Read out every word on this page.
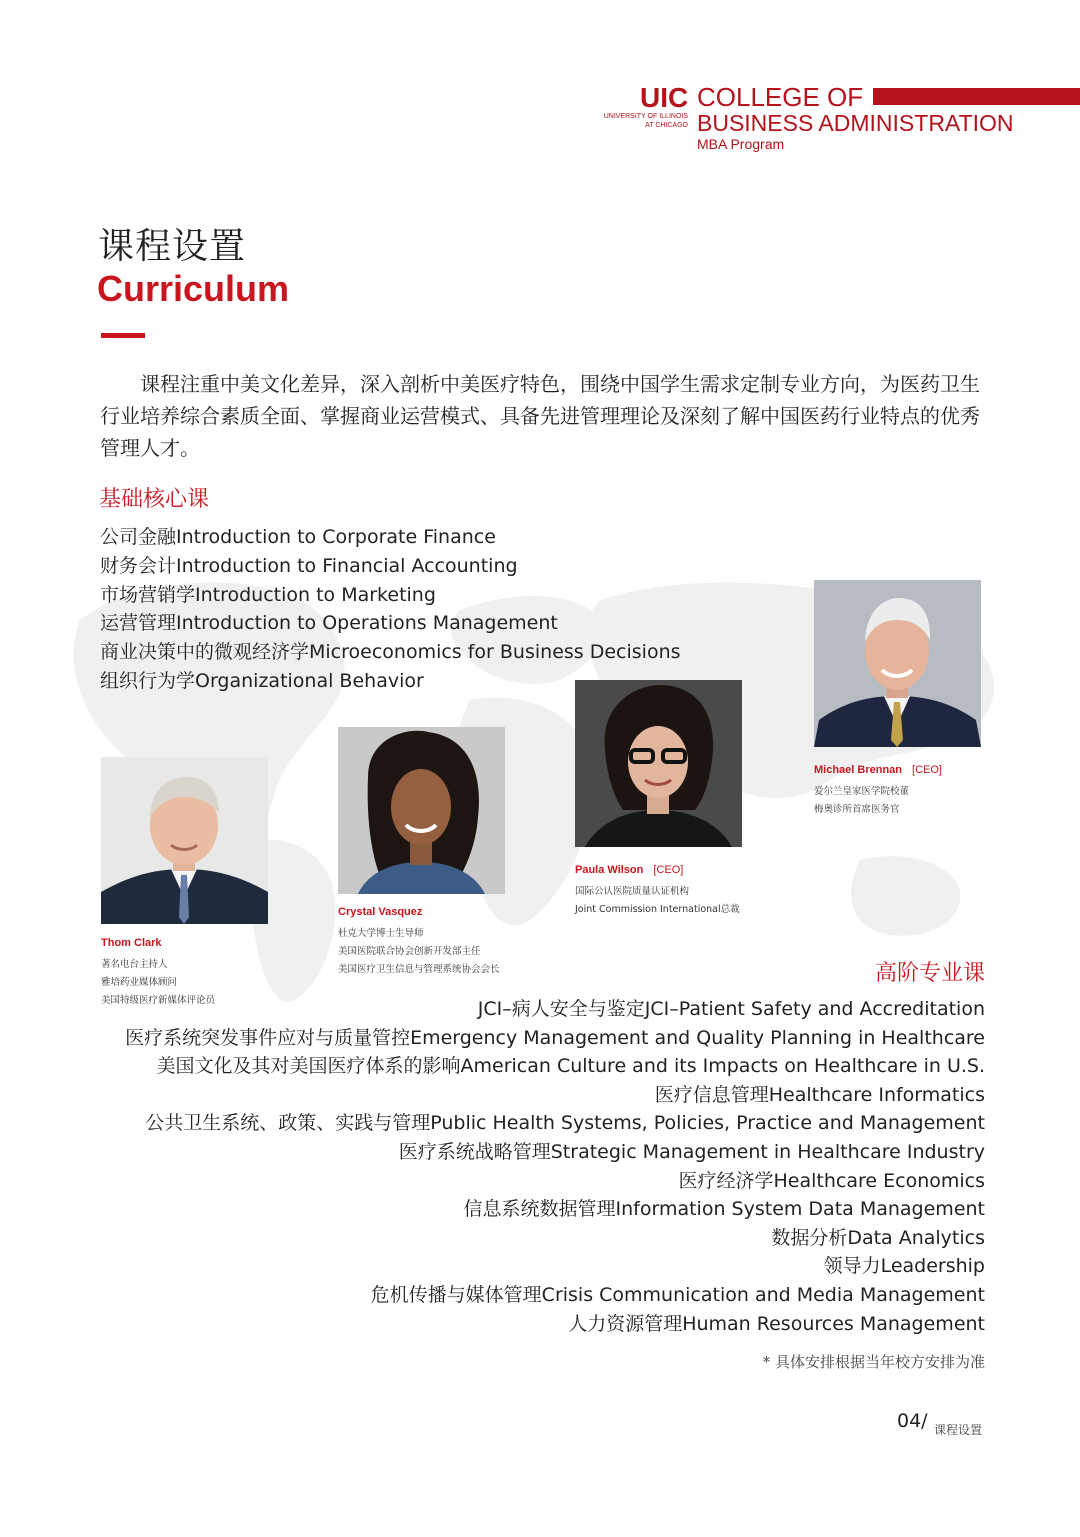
UIC
UNIVERSITY OF ILLINOIS
AT CHICAGO
COLLEGE OF
BUSINESS ADMINISTRATION
MBA Program
课程设置
Curriculum

课程注重中美文化差异，深入剖析中美医疗特色，围绕中国学生需求定制专业方向，为医药卫生行业培养综合素质全面、掌握商业运营模式、具备先进管理理论及深刻了解中国医药行业特点的优秀管理人才。

基础核心课
公司金融Introduction to Corporate Finance
财务会计Introduction to Financial Accounting
市场营销学Introduction to Marketing
运营管理Introduction to Operations Management
商业决策中的微观经济学Microeconomics for Business Decisions
组织行为学Organizational Behavior
Thom Clark
著名电台主持人
雅培药业媒体顾问
美国特级医疗新媒体评论员
Crystal Vasquez
杜克大学博士生导师
美国医院联合协会创新开发部主任
美国医疗卫生信息与管理系统协会会长
Paula Wilson [CEO]
国际公认医院质量认证机构
Joint Commission International总裁
Michael Brennan [CEO]
爱尔兰皇家医学院校董
梅奥诊所首席医务官
高阶专业课
JCI–病人安全与鉴定JCI–Patient Safety and Accreditation
医疗系统突发事件应对与质量管控Emergency Management and Quality Planning in Healthcare
美国文化及其对美国医疗体系的影响American Culture and its Impacts on Healthcare in U.S.
医疗信息管理Healthcare Informatics
公共卫生系统、政策、实践与管理Public Health Systems, Policies, Practice and Management
医疗系统战略管理Strategic Management in Healthcare Industry
医疗经济学Healthcare Economics
信息系统数据管理Information System Data Management
数据分析Data Analytics
领导力Leadership
危机传播与媒体管理Crisis Communication and Media Management
人力资源管理Human Resources Management
* 具体安排根据当年校方安排为准
04/ 课程设置
